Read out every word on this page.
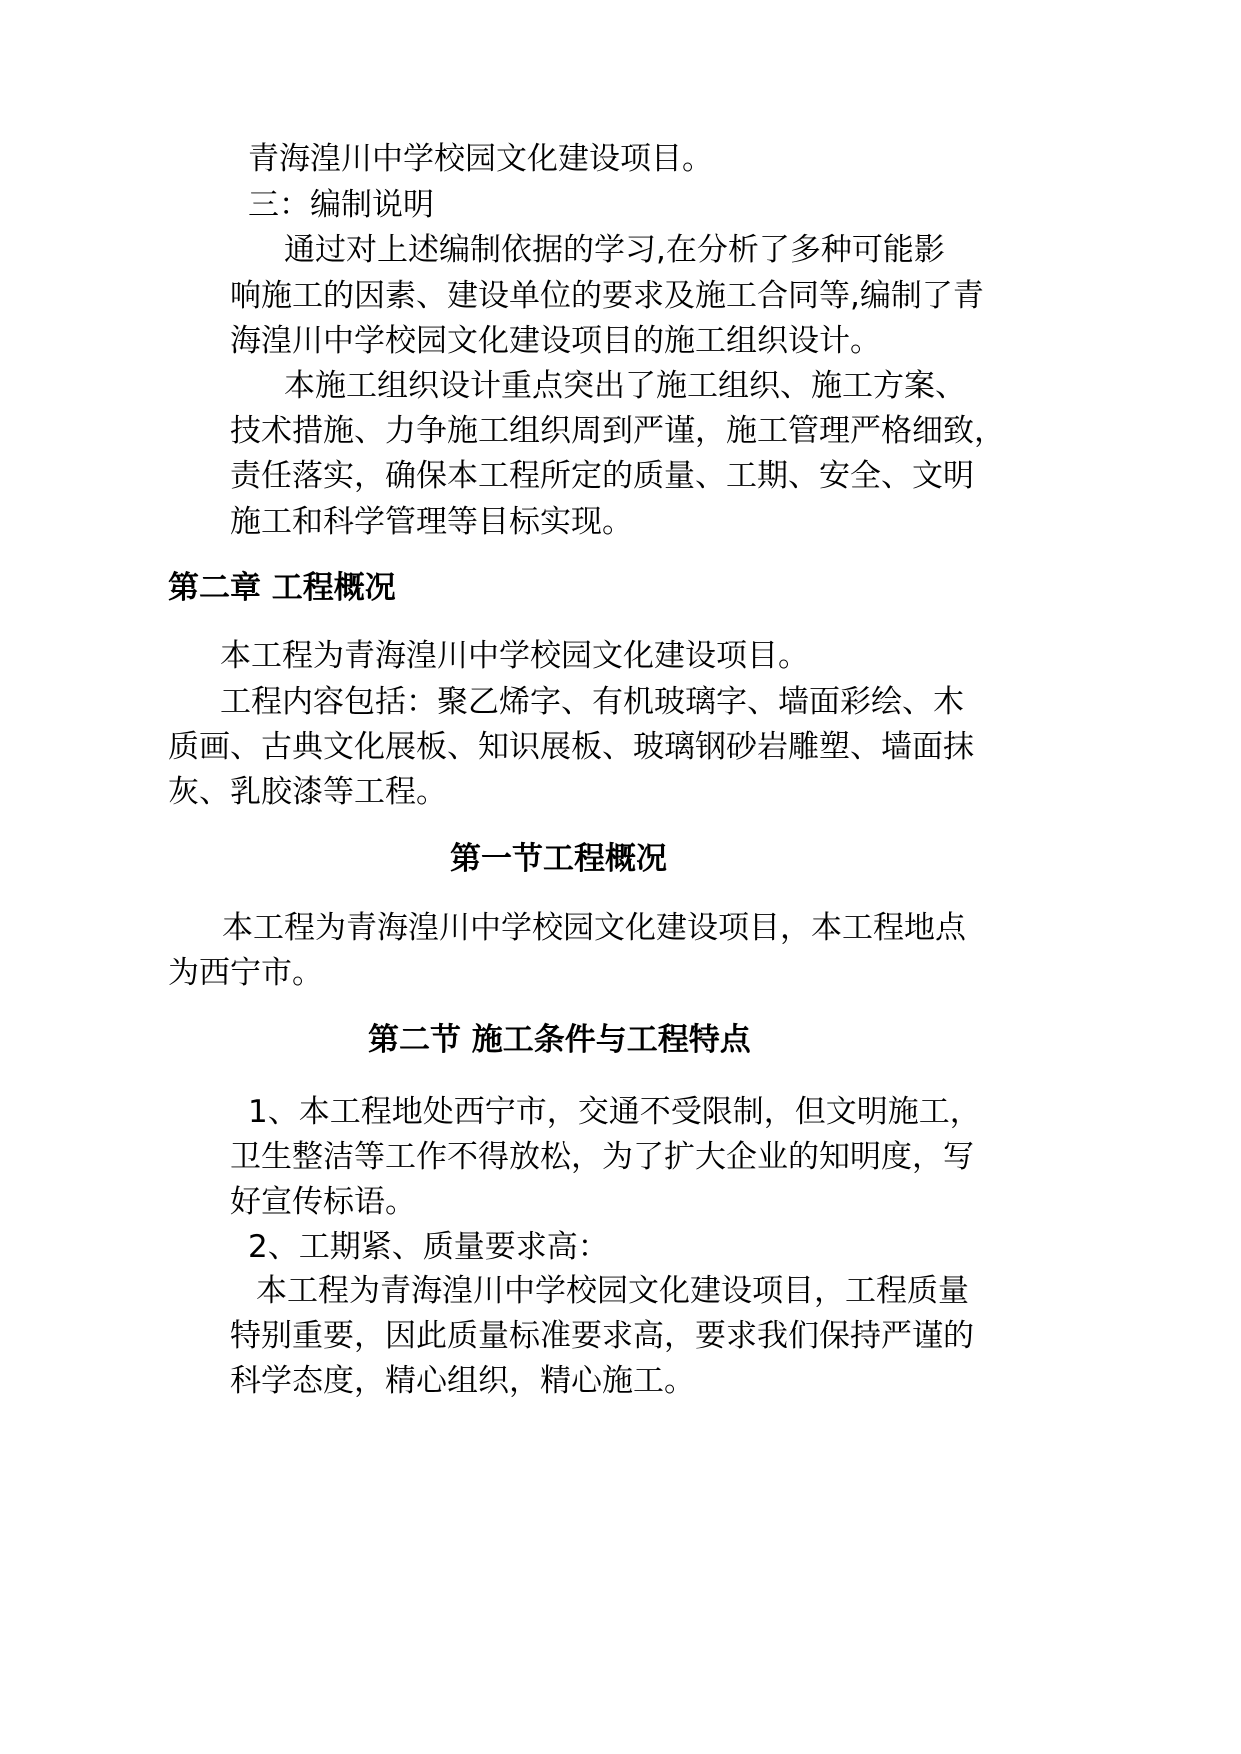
青海湟川中学校园文化建设项目。
三：编制说明
通过对上述编制依据的学习,在分析了多种可能影
响施工的因素、建设单位的要求及施工合同等,编制了青
海湟川中学校园文化建设项目的施工组织设计。
本施工组织设计重点突出了施工组织、施工方案、
技术措施、力争施工组织周到严谨，施工管理严格细致，
责任落实，确保本工程所定的质量、工期、安全、文明
施工和科学管理等目标实现。
第二章 工程概况
本工程为青海湟川中学校园文化建设项目。
工程内容包括：聚乙烯字、有机玻璃字、墙面彩绘、木
质画、古典文化展板、知识展板、玻璃钢砂岩雕塑、墙面抹
灰、乳胶漆等工程。
第一节工程概况
本工程为青海湟川中学校园文化建设项目，本工程地点
为西宁市。
第二节 施工条件与工程特点
1、本工程地处西宁市，交通不受限制，但文明施工，
卫生整洁等工作不得放松，为了扩大企业的知明度，写
好宣传标语。
2、工期紧、质量要求高：
本工程为青海湟川中学校园文化建设项目，工程质量
特别重要，因此质量标准要求高，要求我们保持严谨的
科学态度，精心组织，精心施工。
